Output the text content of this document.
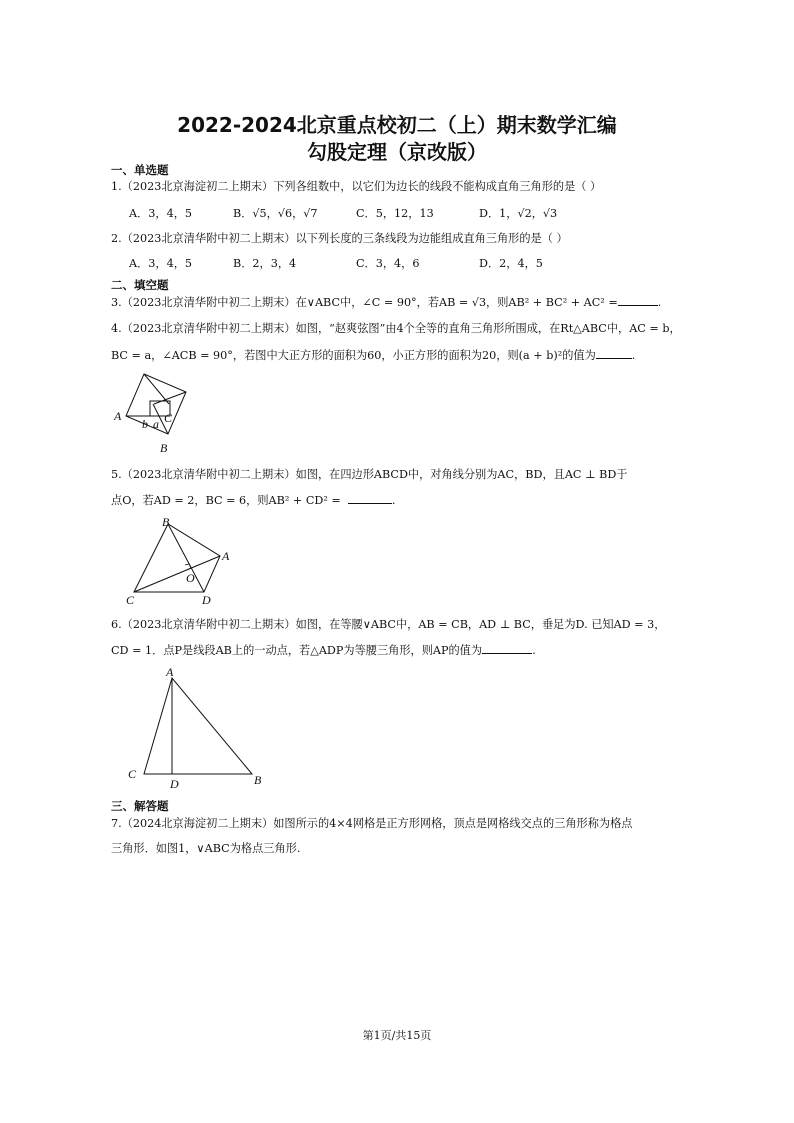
2022-2024北京重点校初二（上）期末数学汇编
勾股定理（京改版）
一、单选题
1.（2023北京海淀初二上期末）下列各组数中，以它们为边长的线段不能构成直角三角形的是（ ）
A．3，4，5	B．√5，√6，√7	C．5，12，13	D．1，√2，√3
2.（2023北京清华附中初二上期末）以下列长度的三条线段为边能组成直角三角形的是（ ）
A．3，4，5	B．2，3，4	C．3，4，6	D．2，4，5
二、填空题
3.（2023北京清华附中初二上期末）在∨ABC中，∠C = 90°，若AB = √3，则AB² + BC² + AC² =	.
4.（2023北京清华附中初二上期末）如图，“赵爽弦图”由4个全等的直角三角形所围成，在Rt△ABC中，AC = b，
BC = a，∠ACB = 90°，若图中大正方形的面积为60，小正方形的面积为20，则(a + b)²的值为	.
A
B
C
b a
5.（2023北京清华附中初二上期末）如图，在四边形ABCD中，对角线分别为AC，BD，且AC ⊥ BD于
点O，若AD = 2，BC = 6，则AB² + CD² =	.
B
A
C	D
O
6.（2023北京清华附中初二上期末）如图，在等腰∨ABC中，AB = CB，AD ⊥ BC，垂足为D. 已知AD = 3，
CD = 1．点P是线段AB上的一动点，若△ADP为等腰三角形，则AP的值为	.
A
C
D	B
三、解答题
7.（2024北京海淀初二上期末）如图所示的4×4网格是正方形网格，顶点是网格线交点的三角形称为格点
三角形．如图1，∨ABC为格点三角形.
第1页/共15页
